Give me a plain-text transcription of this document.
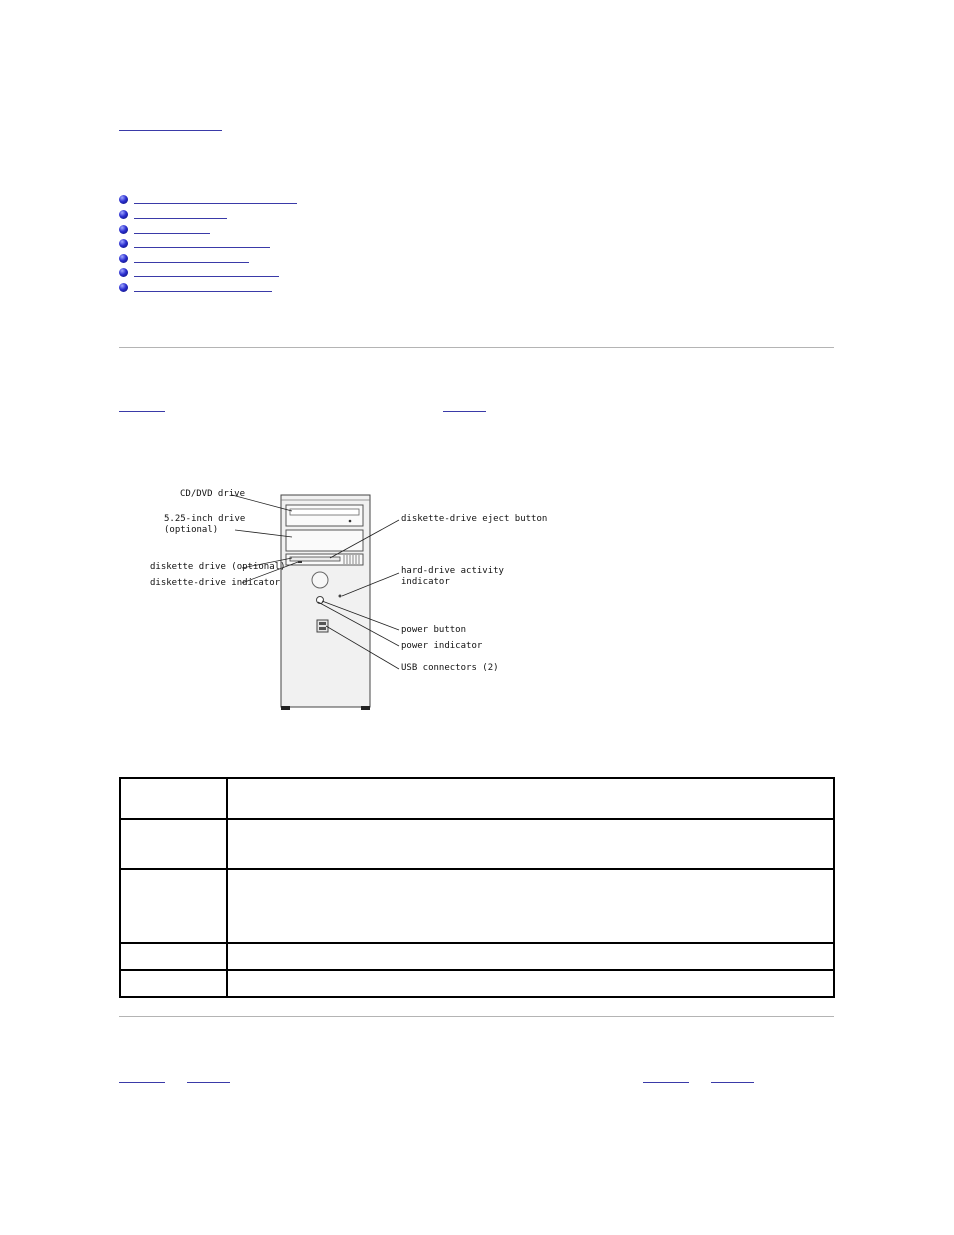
CD/DVD drive
5.25-inch drive
(optional)
diskette drive (optional)
diskette-drive indicator
diskette-drive eject button
hard-drive activity
indicator
power button
power indicator
USB connectors (2)
